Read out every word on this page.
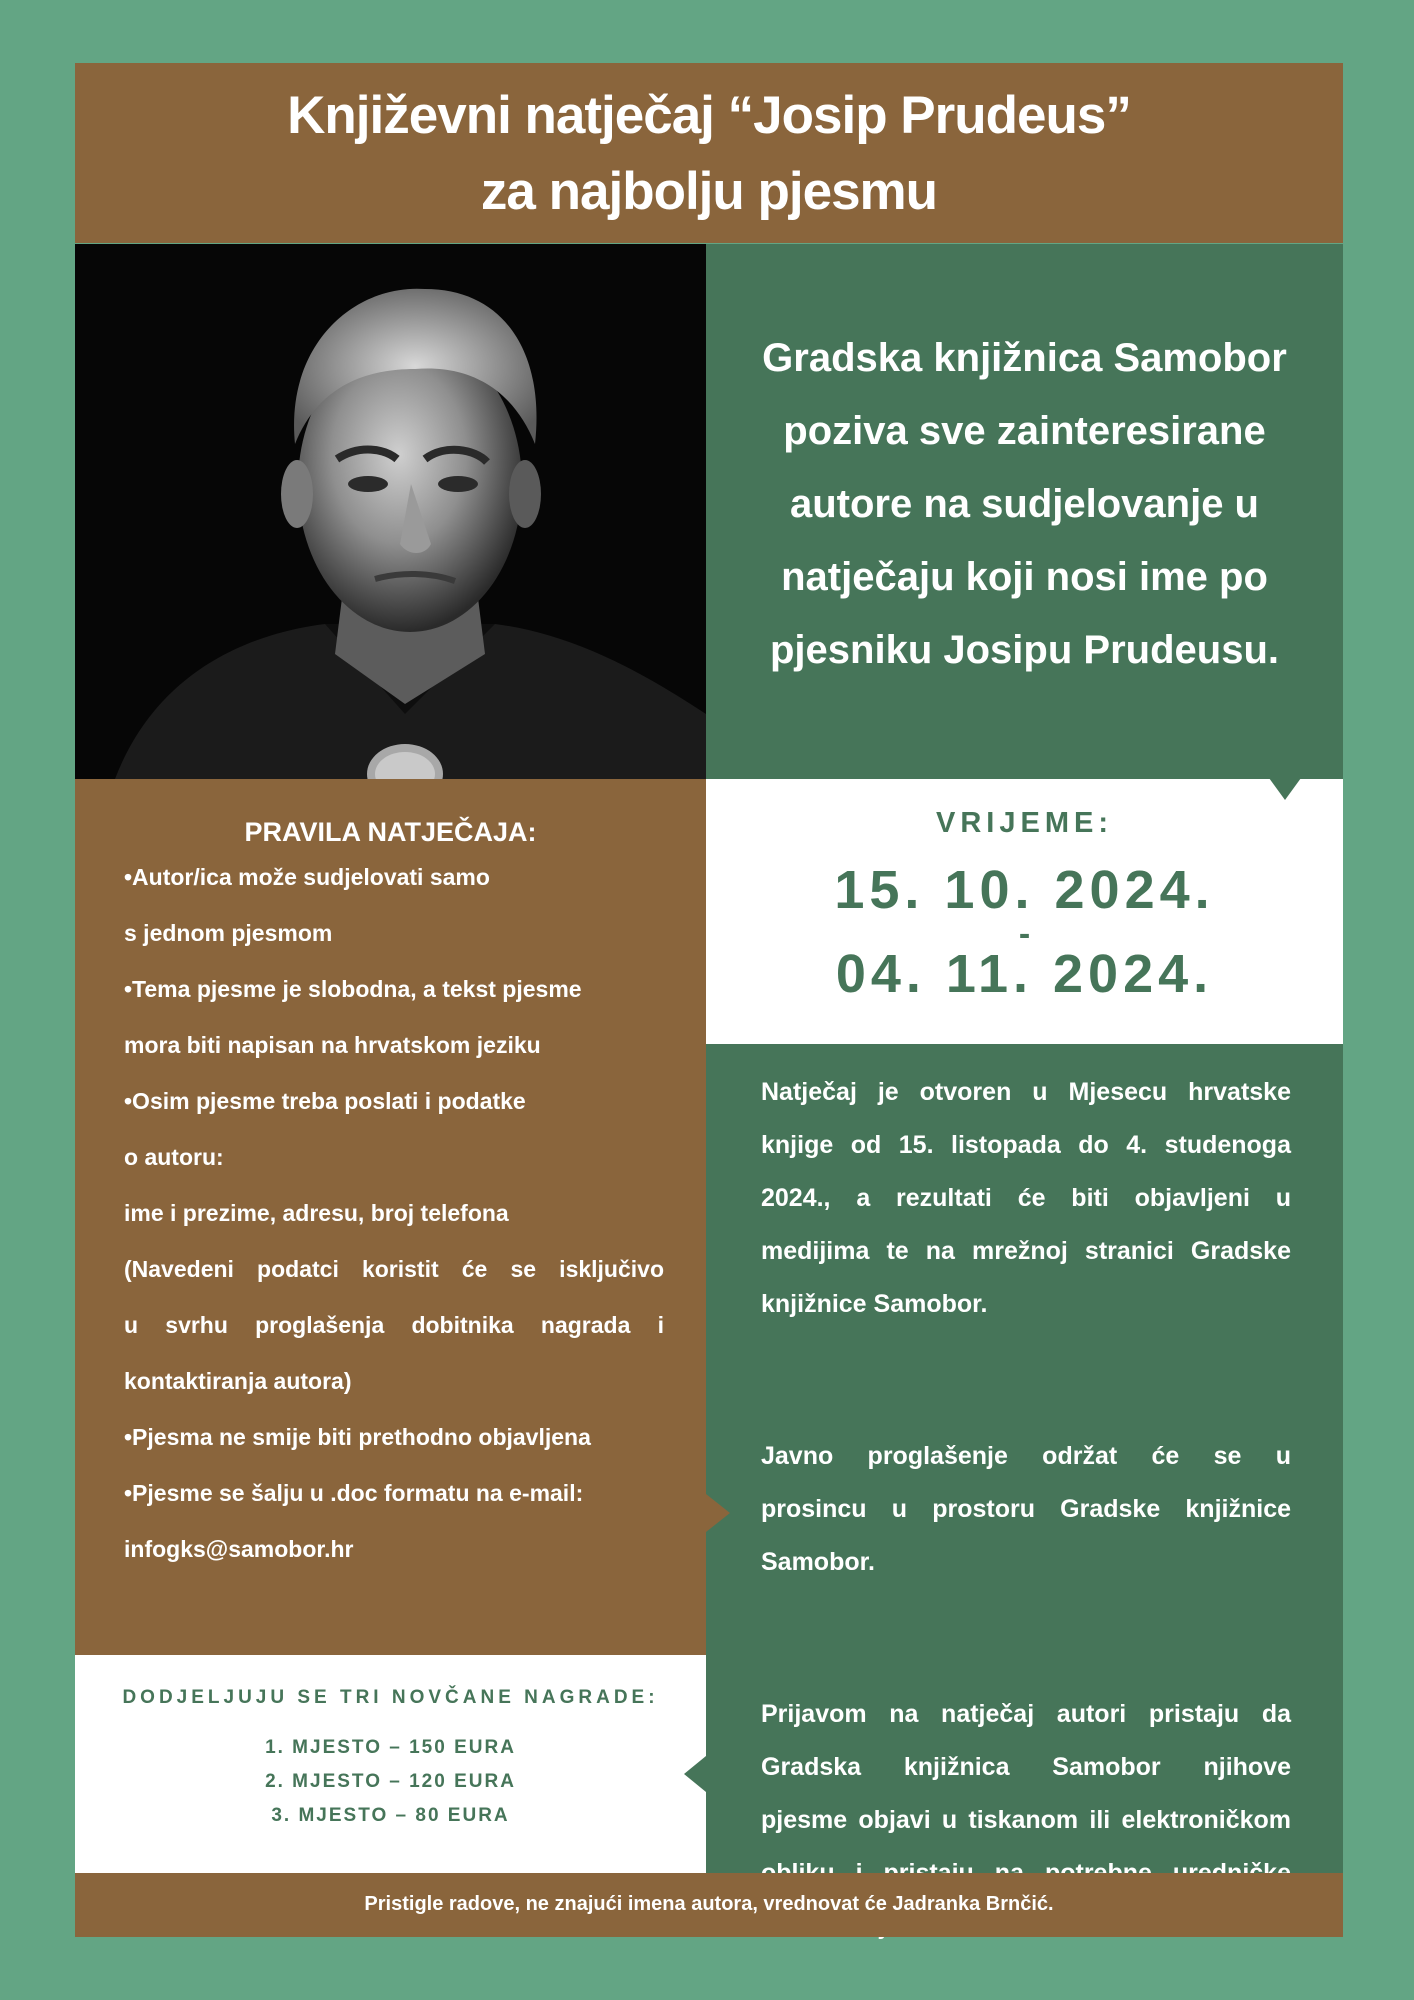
Književni natječaj “Josip Prudeus”
za najbolju pjesmu

Gradska knjižnica Samobor
poziva sve zainteresirane
autore na sudjelovanje u
natječaju koji nosi ime po
pjesniku Josipu Prudeusu.

PRAVILA NATJEČAJA:
•Autor/ica može sudjelovati samo
s jednom pjesmom
•Tema pjesme je slobodna, a tekst pjesme
mora biti napisan na hrvatskom jeziku
•Osim pjesme treba poslati i podatke
o autoru:
ime i prezime, adresu, broj telefona
(Navedeni podatci koristit će se isključivo
u svrhu proglašenja dobitnika nagrada i
kontaktiranja autora)
•Pjesma ne smije biti prethodno objavljena
•Pjesme se šalju u .doc formatu na e-mail:
infogks@samobor.hr
VRIJEME:
15. 10. 2024.
-
04. 11. 2024.
Natječaj je otvoren u Mjesecu hrvatske
knjige od 15. listopada do 4. studenoga
2024., a rezultati će biti objavljeni u
medijima te na mrežnoj stranici Gradske
knjižnice Samobor.
Javno proglašenje održat će se u
prosincu u prostoru Gradske knjižnice
Samobor.
Prijavom na natječaj autori pristaju da
Gradska knjižnica Samobor njihove
pjesme objavi u tiskanom ili elektroničkom
DODJELJUJU SE TRI NOVČANE NAGRADE:
1. MJESTO – 150 EURA
2. MJESTO – 120 EURA
3. MJESTO – 80 EURA
Pristigle radove, ne znajući imena autora, vrednovat će Jadranka Brnčić.
